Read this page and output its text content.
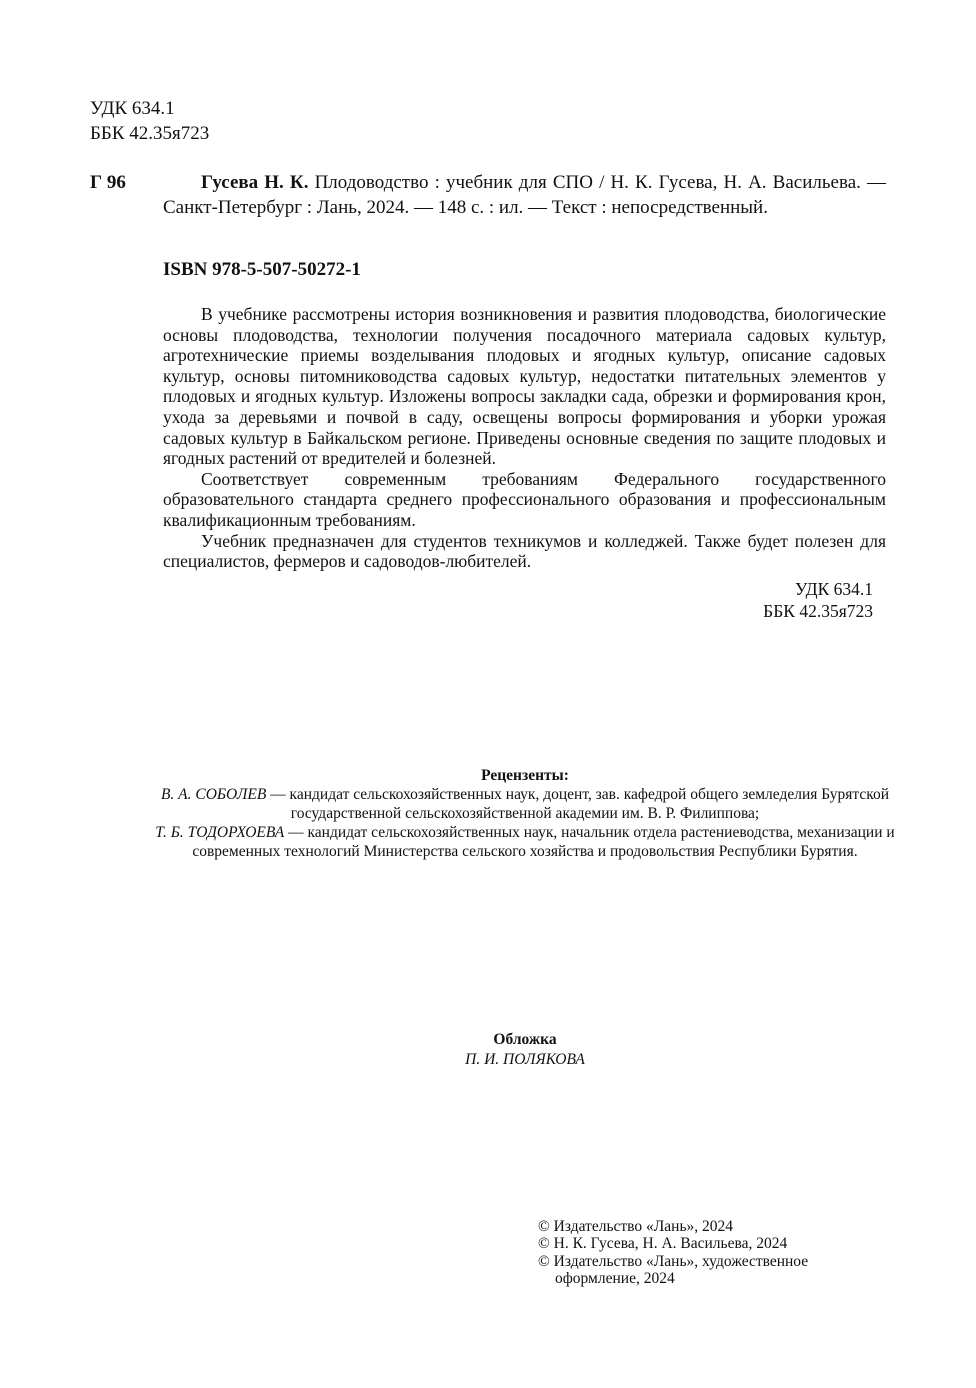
УДК 634.1
ББК 42.35я723
Г 96	Гусева Н. К. Плодоводство : учебник для СПО / Н. К. Гусева, Н. А. Васильева. — Санкт-Петербург : Лань, 2024. — 148 с. : ил. — Текст : непосредственный.
ISBN 978-5-507-50272-1

В учебнике рассмотрены история возникновения и развития плодоводства, биологические основы плодоводства, технологии получения посадочного материала садовых культур, агротехнические приемы возделывания плодовых и ягодных культур, описание садовых культур, основы питомниководства садовых культур, недостатки питательных элементов у плодовых и ягодных культур. Изложены вопросы закладки сада, обрезки и формирования крон, ухода за деревьями и почвой в саду, освещены вопросы формирования и уборки урожая садовых культур в Байкальском регионе. Приведены основные сведения по защите плодовых и ягодных растений от вредителей и болезней.

Соответствует современным требованиям Федерального государственного образовательного стандарта среднего профессионального образования и профессиональным квалификационным требованиям.

Учебник предназначен для студентов техникумов и колледжей. Также будет полезен для специалистов, фермеров и садоводов-любителей.

УДК 634.1
ББК 42.35я723
Рецензенты:
В. А. СОБОЛЕВ — кандидат сельскохозяйственных наук, доцент, зав. кафедрой общего земледелия Бурятской государственной сельскохозяйственной академии им. В. Р. Филиппова;
Т. Б. ТОДОРХОЕВА — кандидат сельскохозяйственных наук, начальник отдела растениеводства, механизации и современных технологий Министерства сельского хозяйства и продовольствия Республики Бурятия.
Обложка
П. И. ПОЛЯКОВА
© Издательство «Лань», 2024
© Н. К. Гусева, Н. А. Васильева, 2024
© Издательство «Лань», художественное
оформление, 2024
